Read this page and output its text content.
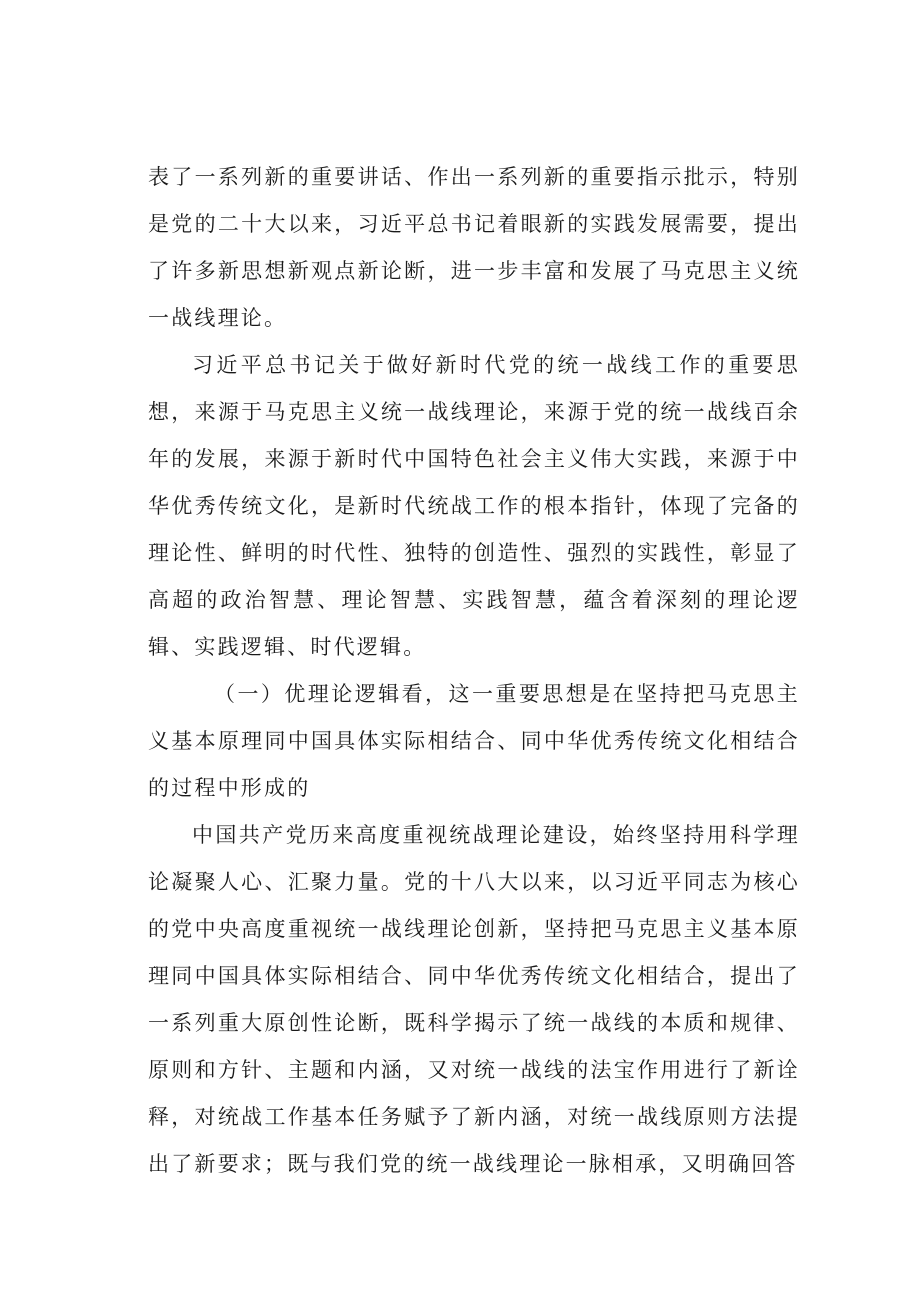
表了一系列新的重要讲话、作出一系列新的重要指示批示，特别是党的二十大以来，习近平总书记着眼新的实践发展需要，提出了许多新思想新观点新论断，进一步丰富和发展了马克思主义统一战线理论。

习近平总书记关于做好新时代党的统一战线工作的重要思想，来源于马克思主义统一战线理论，来源于党的统一战线百余年的发展，来源于新时代中国特色社会主义伟大实践，来源于中华优秀传统文化，是新时代统战工作的根本指针，体现了完备的理论性、鲜明的时代性、独特的创造性、强烈的实践性，彰显了高超的政治智慧、理论智慧、实践智慧，蕴含着深刻的理论逻辑、实践逻辑、时代逻辑。

（一）优理论逻辑看，这一重要思想是在坚持把马克思主义基本原理同中国具体实际相结合、同中华优秀传统文化相结合的过程中形成的

中国共产党历来高度重视统战理论建设，始终坚持用科学理论凝聚人心、汇聚力量。党的十八大以来，以习近平同志为核心的党中央高度重视统一战线理论创新，坚持把马克思主义基本原理同中国具体实际相结合、同中华优秀传统文化相结合，提出了一系列重大原创性论断，既科学揭示了统一战线的本质和规律、原则和方针、主题和内涵，又对统一战线的法宝作用进行了新诠释，对统战工作基本任务赋予了新内涵，对统一战线原则方法提出了新要求；既与我们党的统一战线理论一脉相承，又明确回答
